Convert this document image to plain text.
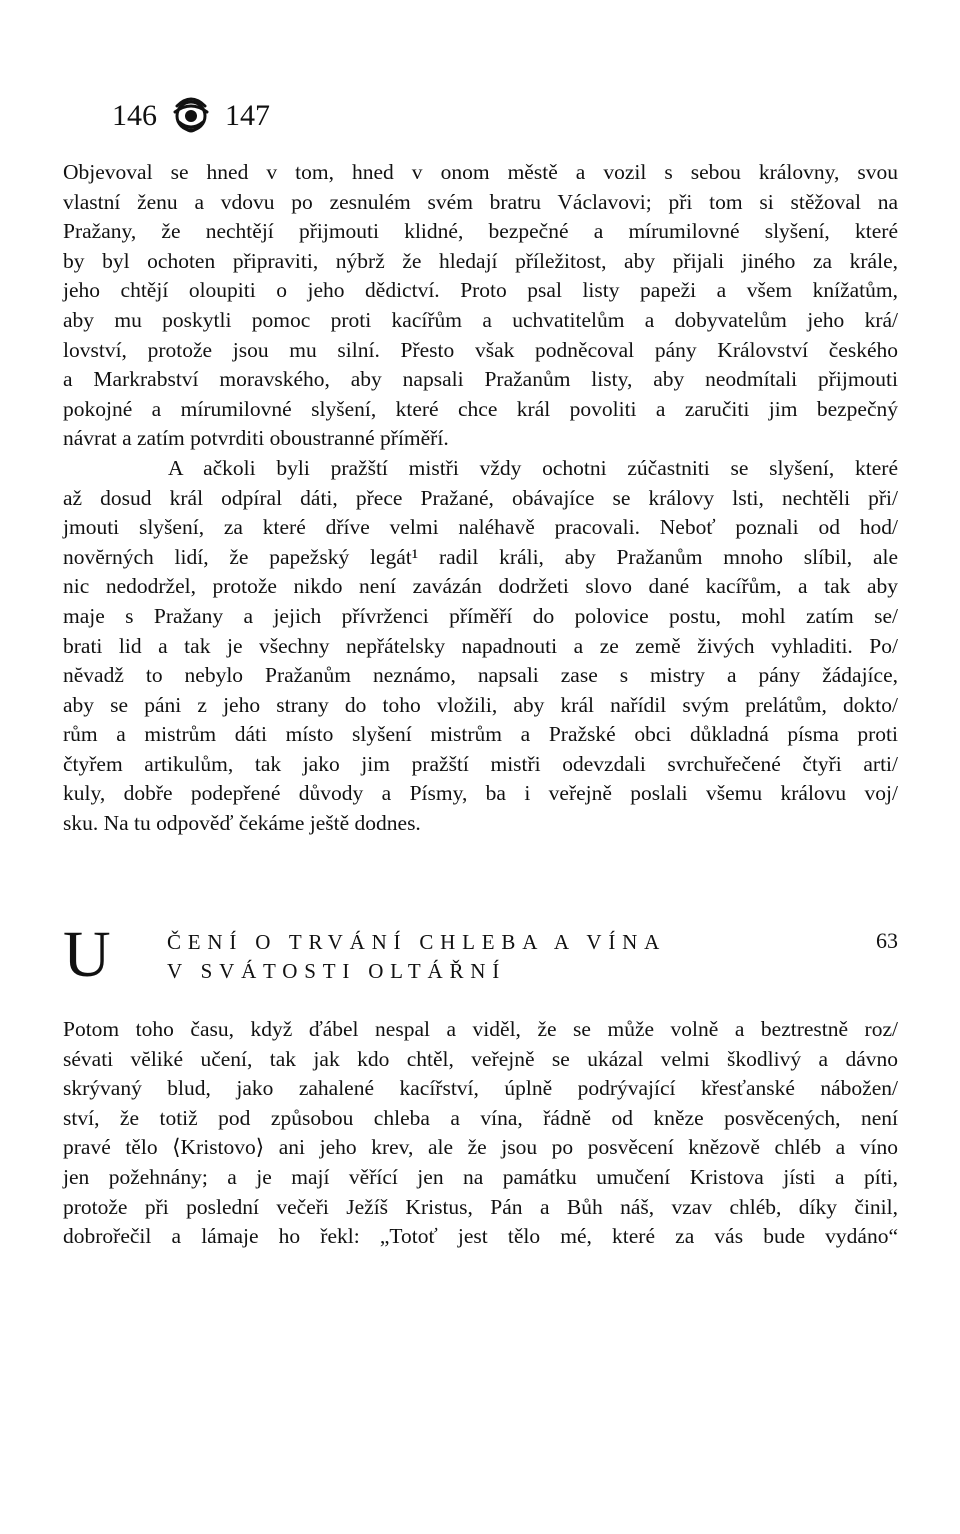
146 147

Objevoval se hned v tom, hned v onom městě a vozil s sebou královny, svou
vlastní ženu a vdovu po zesnulém svém bratru Václavovi; při tom si stěžoval na
Pražany, že nechtějí přijmouti klidné, bezpečné a mírumilovné slyšení, které
by byl ochoten připraviti, nýbrž že hledají příležitost, aby přijali jiného za krále,
jeho chtějí oloupiti o jeho dědictví. Proto psal listy papeži a všem knížatům,
aby mu poskytli pomoc proti kacířům a uchvatitelům a dobyvatelům jeho krá/
lovství, protože jsou mu silní. Přesto však podněcoval pány Království českého
a Markrabství moravského, aby napsali Pražanům listy, aby neodmítali přijmouti
pokojné a mírumilovné slyšení, které chce král povoliti a zaručiti jim bezpečný
návrat a zatím potvrditi oboustranné příměří.

A ačkoli byli pražští mistři vždy ochotni zúčastniti se slyšení, které
až dosud král odpíral dáti, přece Pražané, obávajíce se královy lsti, nechtěli při/
jmouti slyšení, za které dříve velmi naléhavě pracovali. Neboť poznali od hod/
novĕrných lidí, že papežský legát¹ radil králi, aby Pražanům mnoho slíbil, ale
nic nedodržel, protože nikdo není zavázán dodržeti slovo dané kacířům, a tak aby
maje s Pražany a jejich přívrženci příměří do polovice postu, mohl zatím se/
brati lid a tak je všechny nepřátelsky napadnouti a ze země živých vyhladiti. Po/
nĕvadž to nebylo Pražanům neznámo, napsali zase s mistry a pány žádajíce,
aby se páni z jeho strany do toho vložili, aby král nařídil svým prelátům, dokto/
rům a mistrům dáti místo slyšení mistrům a Pražské obci důkladná písma proti
čtyřem artikulům, tak jako jim pražští mistři odevzdali svrchuřečené čtyři arti/
kuly, dobře podepřené důvody a Písmy, ba i veřejně poslali všemu královu voj/
sku. Na tu odpověď čekáme ještě dodnes.

U	ČENÍ O TRVÁNÍ CHLEBA A VÍNA
V SVÁTOSTI OLTÁŘNÍ
63

Potom toho času, když ďábel nespal a viděl, že se může volně a beztrestně roz/
sévati vĕliké učení, tak jak kdo chtěl, veřejně se ukázal velmi škodlivý a dávno
skrývaný blud, jako zahalené kacířství, úplně podrývající křesťanské nábožen/
ství, že totiž pod způsobou chleba a vína, řádně od kněze posvěcených, není
pravé tělo ⟨Kristovo⟩ ani jeho krev, ale že jsou po posvěcení knězově chléb a víno
jen požehnány; a je mají věřící jen na památku umučení Kristova jísti a píti,
protože při poslední večeři Ježíš Kristus, Pán a Bůh náš, vzav chléb, díky činil,
dobrořečil a lámaje ho řekl: „Totoť jest tělo mé, které za vás bude vydáno“
